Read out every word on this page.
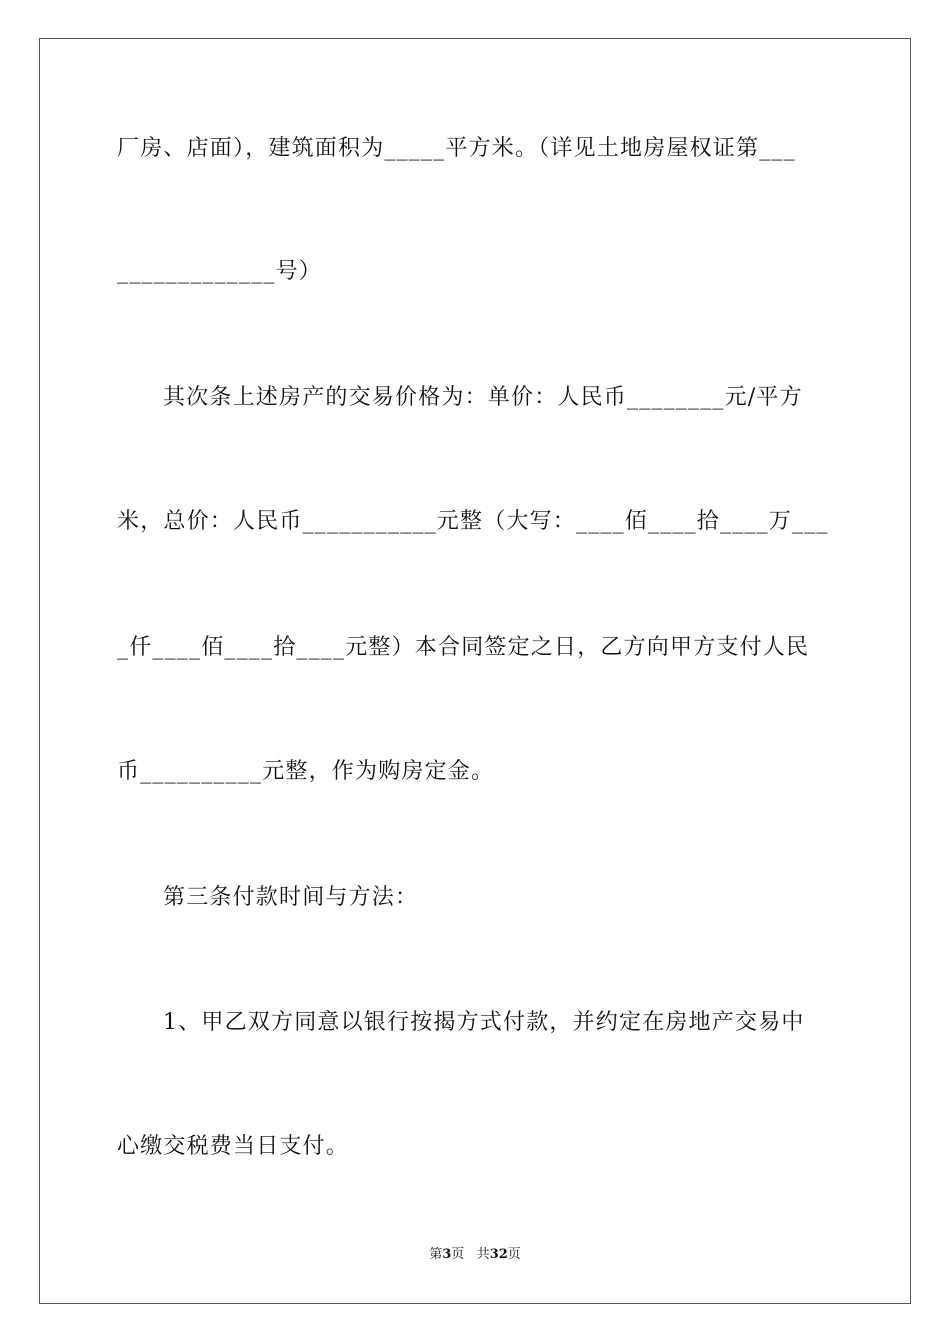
厂房、店面），建筑面积为_____平方米。（详见土地房屋权证第___
_____________号）
其次条上述房产的交易价格为：单价：人民币________元/平方
米，总价：人民币___________元整（大写：____佰____拾____万___
_仟____佰____拾____元整）本合同签定之日，乙方向甲方支付人民
币__________元整，作为购房定金。
第三条付款时间与方法：
1、甲乙双方同意以银行按揭方式付款，并约定在房地产交易中
心缴交税费当日支付。
第3页 共32页
